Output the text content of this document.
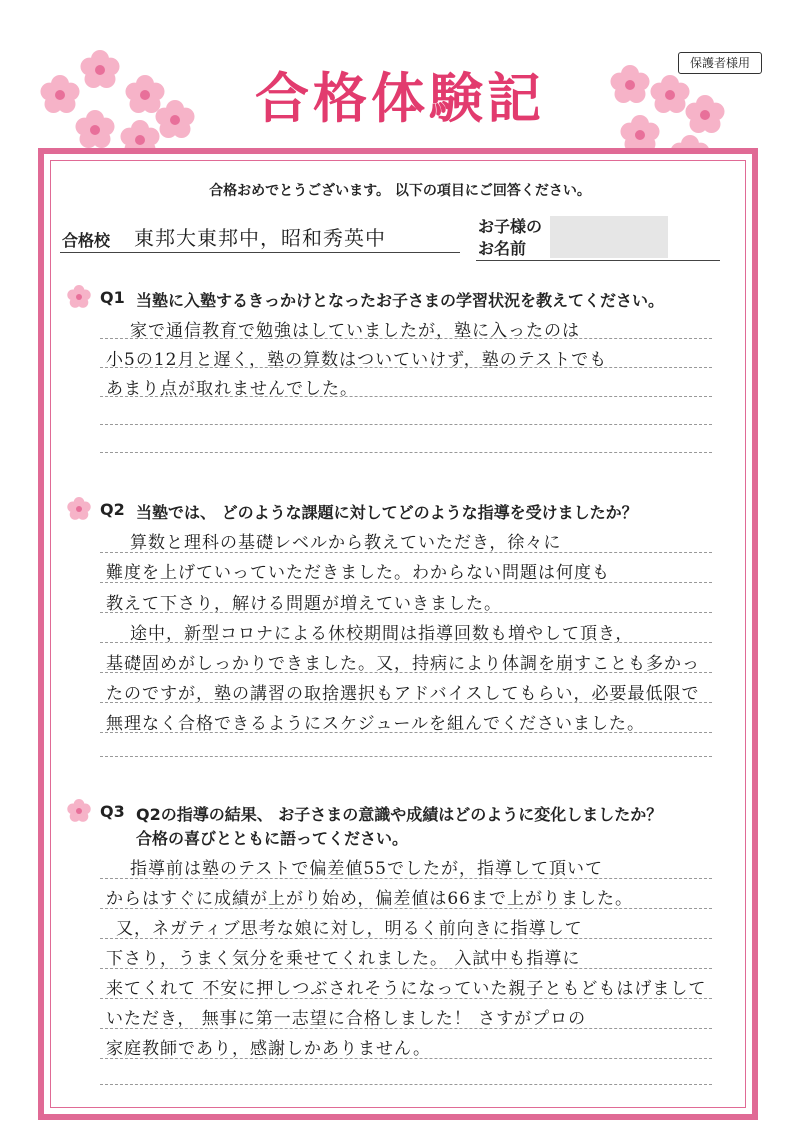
保護者様用
合格体験記
合格おめでとうございます。 以下の項目にご回答ください。
合格校 東邦大東邦中，昭和秀英中	お子様の
お名前
Q1 当塾に入塾するきっかけとなったお子さまの学習状況を教えてください。
家で通信教育で勉強はしていましたが，塾に入ったのは
小5の12月と遅く，塾の算数はついていけず，塾のテストでも
あまり点が取れませんでした。
Q2 当塾では、 どのような課題に対してどのような指導を受けましたか？
算数と理科の基礎レベルから教えていただき，徐々に
難度を上げていっていただきました。わからない問題は何度も
教えて下さり，解ける問題が増えていきました。
途中，新型コロナによる休校期間は指導回数も増やして頂き，
基礎固めがしっかりできました。又，持病により体調を崩すことも多かっ
たのですが，塾の講習の取捨選択もアドバイスしてもらい，必要最低限で
無理なく合格できるようにスケジュールを組んでくださいました。
Q3 Q2の指導の結果、 お子さまの意識や成績はどのように変化しましたか？
合格の喜びとともに語ってください。
指導前は塾のテストで偏差値55でしたが，指導して頂いて
からはすぐに成績が上がり始め，偏差値は66まで上がりました。
又，ネガティブ思考な娘に対し，明るく前向きに指導して
下さり，うまく気分を乗せてくれました。 入試中も指導に
来てくれて 不安に押しつぶされそうになっていた親子ともどもはげまして
いただき， 無事に第一志望に合格しました！ さすがプロの
家庭教師であり，感謝しかありません。
